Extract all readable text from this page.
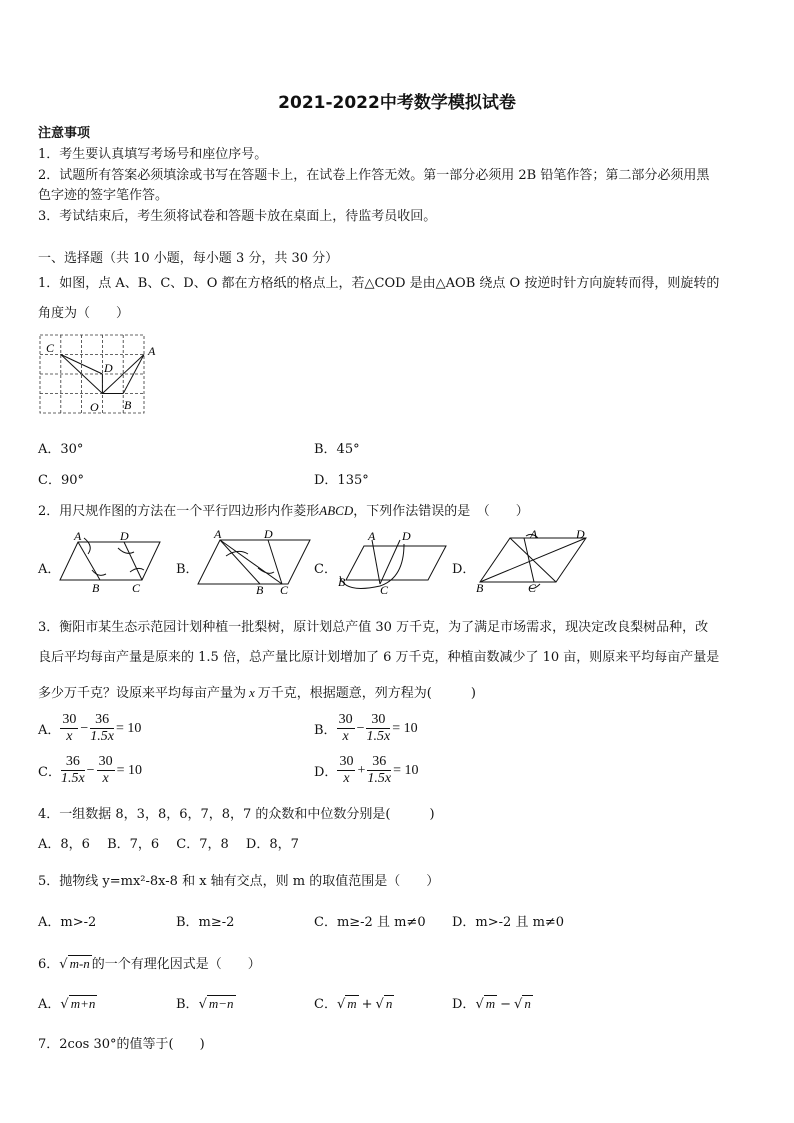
2021-2022中考数学模拟试卷
注意事项
1．考生要认真填写考场号和座位序号。
2．试题所有答案必须填涂或书写在答题卡上，在试卷上作答无效。第一部分必须用 2B 铅笔作答；第二部分必须用黑
色字迹的签字笔作答。
3．考试结束后，考生须将试卷和答题卡放在桌面上，待监考员收回。
一、选择题（共 10 小题，每小题 3 分，共 30 分）
1．如图，点 A、B、C、D、O 都在方格纸的格点上，若△COD 是由△AOB 绕点 O 按逆时针方向旋转而得，则旋转的
角度为（　　）
C	A
D
O B
A．30°	B．45°
C．90°	D．135°
2．用尺规作图的方法在一个平行四边形内作菱形ABCD，下列作法错误的是　（　　）
A．
A	D
B	C
B．
A	D
B C
C．
A D
B
C
D．
A	D
B	C
3．衡阳市某生态示范园计划种植一批梨树，原计划总产值 30 万千克，为了满足市场需求，现决定改良梨树品种，改
良后平均每亩产量是原来的 1.5 倍，总产量比原计划增加了 6 万千克，种植亩数减少了 10 亩，则原来平均每亩产量是
多少万千克？设原来平均每亩产量为 x 万千克，根据题意，列方程为(　　　)
A． $\frac{30}{x} - \frac{36}{1.5x} = 10$	B． $\frac{30}{x} - \frac{30}{1.5x} = 10$
C． $\frac{36}{1.5x} - \frac{30}{x} = 10$	D． $\frac{30}{x} + \frac{36}{1.5x} = 10$
4．一组数据 8，3，8，6，7，8，7 的众数和中位数分别是(　　　)
A．8，6　 B．7，6　 C．7，8　 D．8，7
5．抛物线 y=mx²-8x-8 和 x 轴有交点，则 m 的取值范围是（　　）
A．m>-2	B．m≥-2	C．m≥-2 且 m≠0 D．m>-2 且 m≠0
6．√ m-n 的一个有理化因式是（　　）
A．√ m+n	B．√ m−n	C．√ m + √ n	D．√ m − √ n
7．2cos 30°的值等于(　　)
